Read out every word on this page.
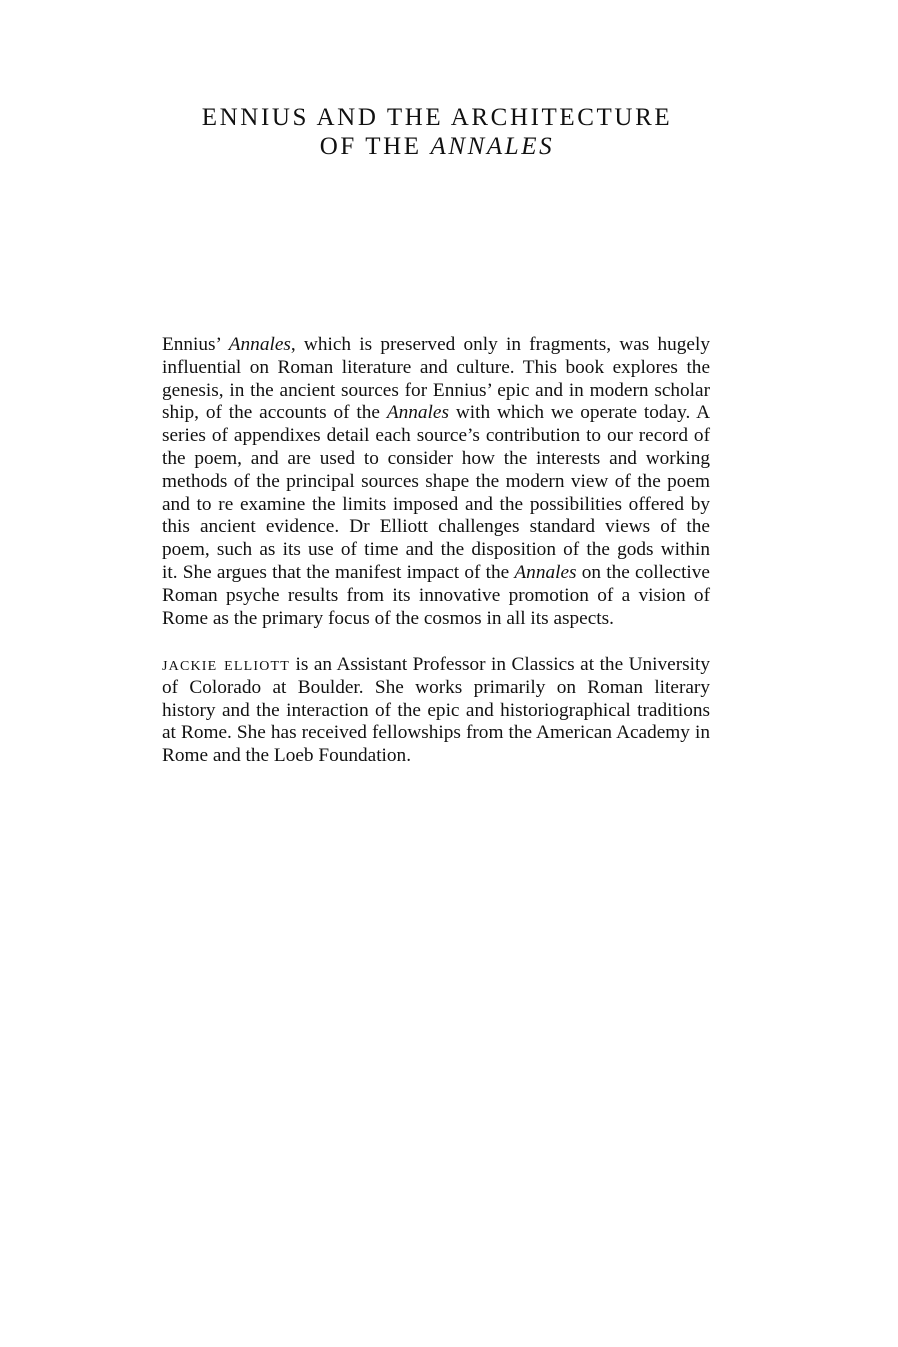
ENNIUS AND THE ARCHITECTURE
OF THE ANNALES
Ennius’ Annales, which is preserved only in fragments, was hugely
influential on Roman literature and culture. This book explores the
genesis, in the ancient sources for Ennius’ epic and in modern scholar
ship, of the accounts of the Annales with which we operate today. A
series of appendixes detail each source’s contribution to our record of
the poem, and are used to consider how the interests and working
methods of the principal sources shape the modern view of the poem
and to re examine the limits imposed and the possibilities offered by
this ancient evidence. Dr Elliott challenges standard views of the
poem, such as its use of time and the disposition of the gods within
it. She argues that the manifest impact of the Annales on the collective
Roman psyche results from its innovative promotion of a vision of
Rome as the primary focus of the cosmos in all its aspects.
jackie elliott is an Assistant Professor in Classics at the University
of Colorado at Boulder. She works primarily on Roman literary
history and the interaction of the epic and historiographical traditions
at Rome. She has received fellowships from the American Academy in
Rome and the Loeb Foundation.
